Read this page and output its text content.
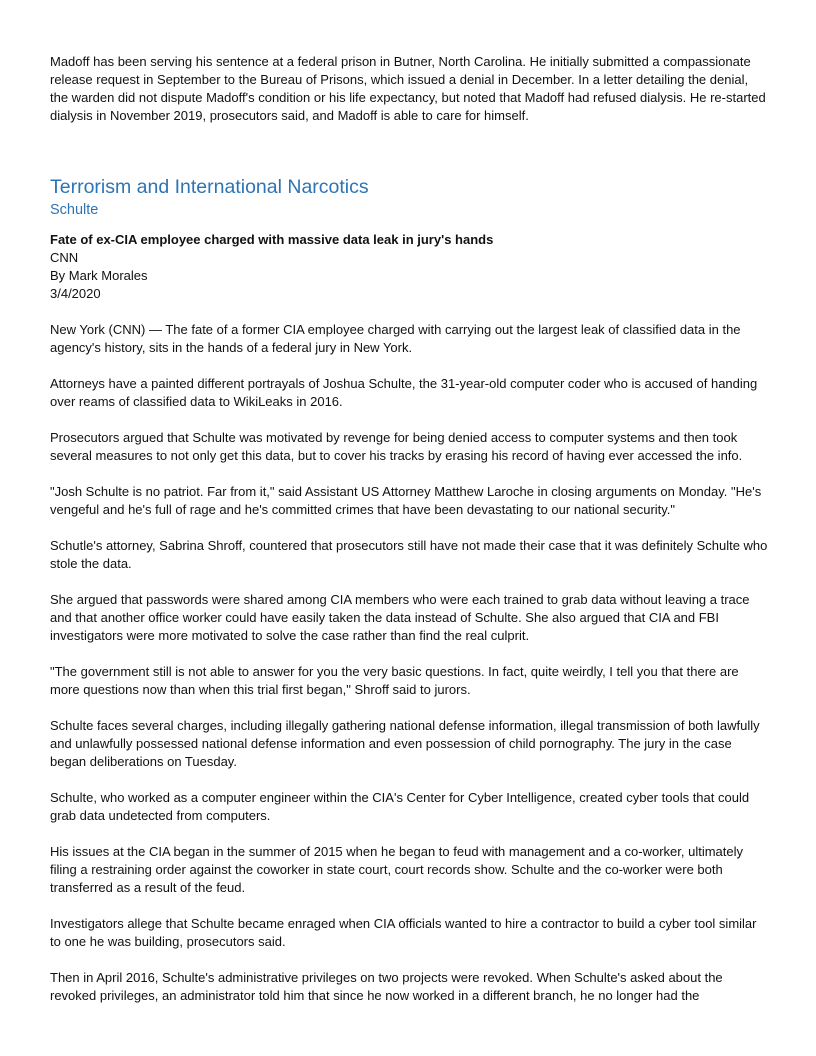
Madoff has been serving his sentence at a federal prison in Butner, North Carolina. He initially submitted a compassionate release request in September to the Bureau of Prisons, which issued a denial in December. In a letter detailing the denial, the warden did not dispute Madoff's condition or his life expectancy, but noted that Madoff had refused dialysis. He re-started dialysis in November 2019, prosecutors said, and Madoff is able to care for himself.

Terrorism and International Narcotics
Schulte

Fate of ex-CIA employee charged with massive data leak in jury's hands

CNN

By Mark Morales

3/4/2020

New York (CNN) — The fate of a former CIA employee charged with carrying out the largest leak of classified data in the agency's history, sits in the hands of a federal jury in New York.

Attorneys have a painted different portrayals of Joshua Schulte, the 31-year-old computer coder who is accused of handing over reams of classified data to WikiLeaks in 2016.

Prosecutors argued that Schulte was motivated by revenge for being denied access to computer systems and then took several measures to not only get this data, but to cover his tracks by erasing his record of having ever accessed the info.

"Josh Schulte is no patriot. Far from it," said Assistant US Attorney Matthew Laroche in closing arguments on Monday. "He's vengeful and he's full of rage and he's committed crimes that have been devastating to our national security."

Schutle's attorney, Sabrina Shroff, countered that prosecutors still have not made their case that it was definitely Schulte who stole the data.

She argued that passwords were shared among CIA members who were each trained to grab data without leaving a trace and that another office worker could have easily taken the data instead of Schulte. She also argued that CIA and FBI investigators were more motivated to solve the case rather than find the real culprit.

"The government still is not able to answer for you the very basic questions. In fact, quite weirdly, I tell you that there are more questions now than when this trial first began," Shroff said to jurors.

Schulte faces several charges, including illegally gathering national defense information, illegal transmission of both lawfully and unlawfully possessed national defense information and even possession of child pornography. The jury in the case began deliberations on Tuesday.

Schulte, who worked as a computer engineer within the CIA's Center for Cyber Intelligence, created cyber tools that could grab data undetected from computers.

His issues at the CIA began in the summer of 2015 when he began to feud with management and a co-worker, ultimately filing a restraining order against the coworker in state court, court records show. Schulte and the co-worker were both transferred as a result of the feud.

Investigators allege that Schulte became enraged when CIA officials wanted to hire a contractor to build a cyber tool similar to one he was building, prosecutors said.

Then in April 2016, Schulte's administrative privileges on two projects were revoked. When Schulte's asked about the revoked privileges, an administrator told him that since he now worked in a different branch, he no longer had the
